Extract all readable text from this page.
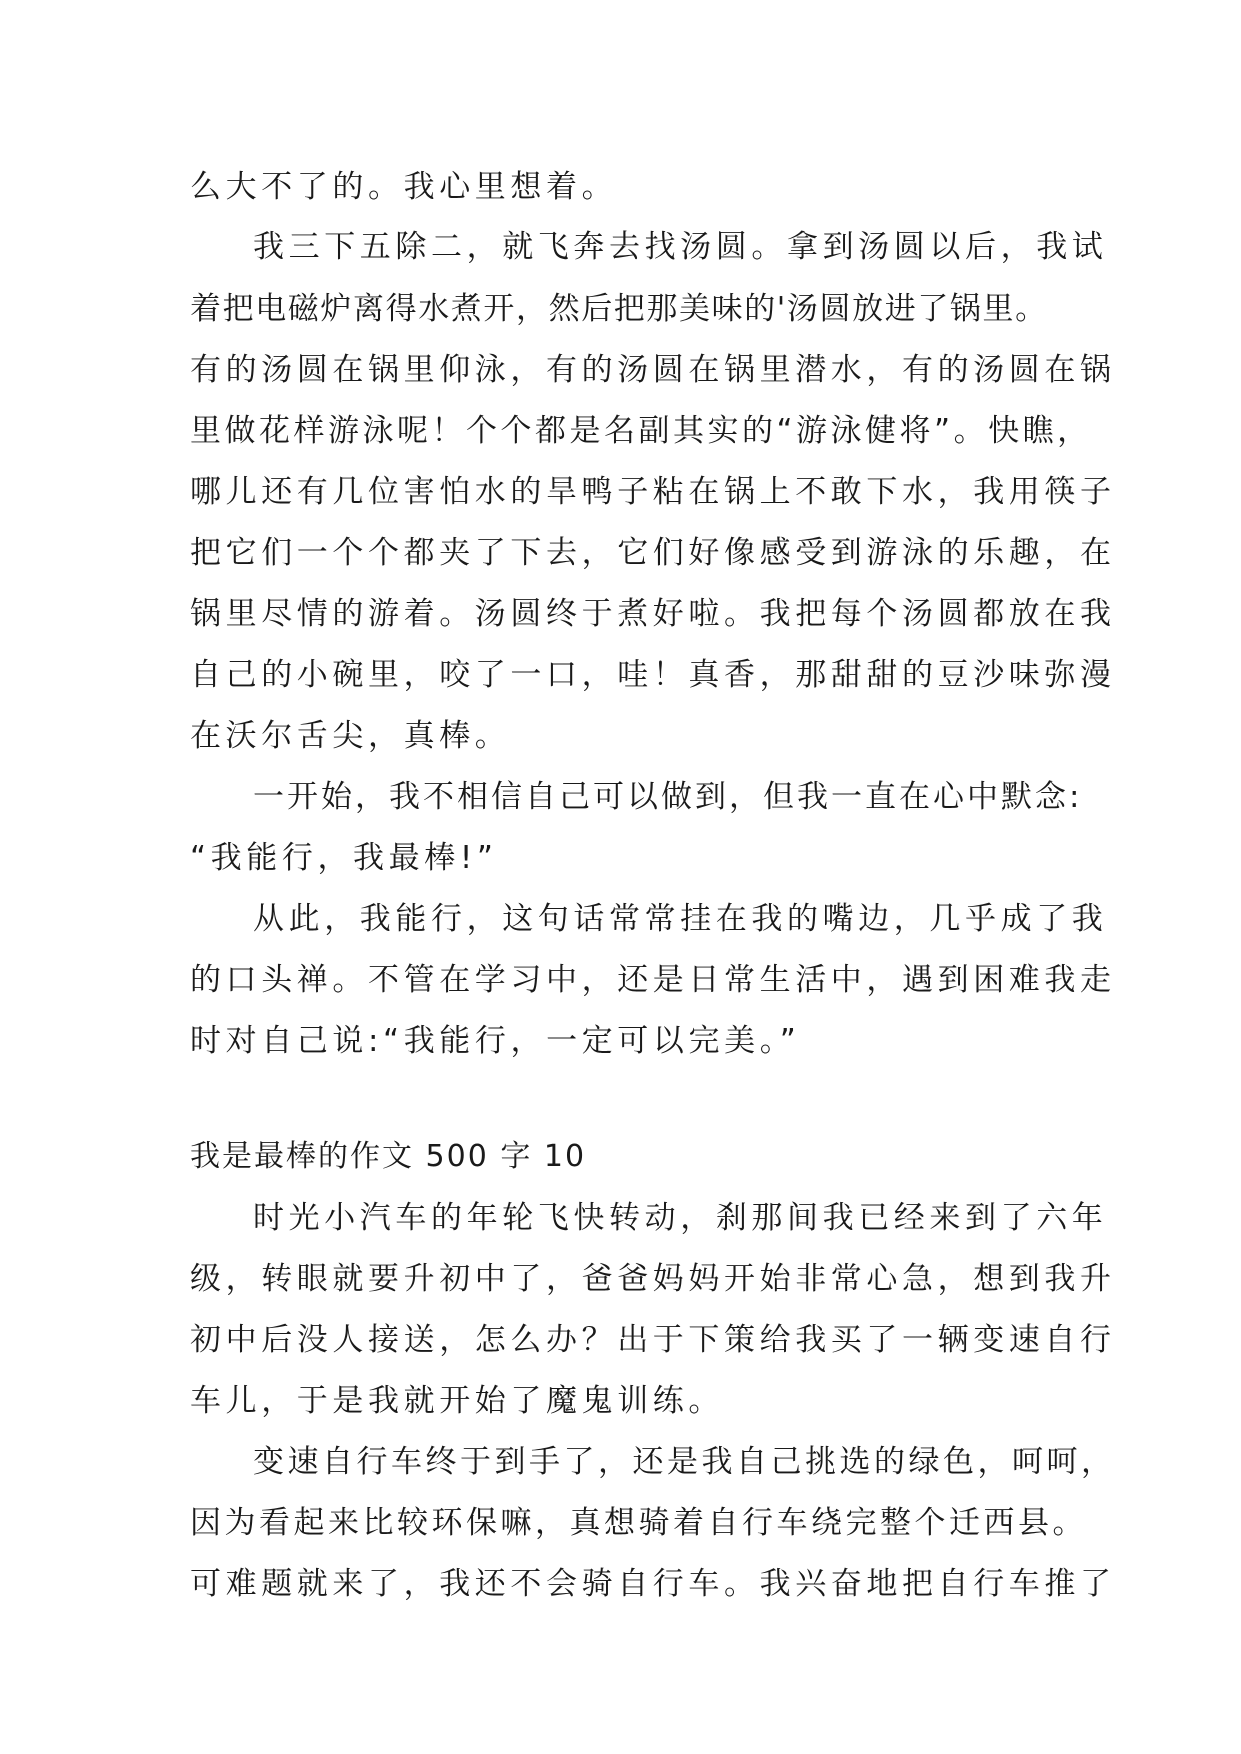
么大不了的。我心里想着。
我三下五除二，就飞奔去找汤圆。拿到汤圆以后，我试
着把电磁炉离得水煮开，然后把那美味的'汤圆放进了锅里。
有的汤圆在锅里仰泳，有的汤圆在锅里潜水，有的汤圆在锅
里做花样游泳呢！个个都是名副其实的“游泳健将”。快瞧，
哪儿还有几位害怕水的旱鸭子粘在锅上不敢下水，我用筷子
把它们一个个都夹了下去，它们好像感受到游泳的乐趣，在
锅里尽情的游着。汤圆终于煮好啦。我把每个汤圆都放在我
自己的小碗里，咬了一口，哇！真香，那甜甜的豆沙味弥漫
在沃尔舌尖，真棒。
一开始，我不相信自己可以做到，但我一直在心中默念:
“我能行，我最棒!”
从此，我能行，这句话常常挂在我的嘴边，几乎成了我
的口头禅。不管在学习中，还是日常生活中，遇到困难我走
时对自己说:“我能行，一定可以完美。”
我是最棒的作文 500 字 10
时光小汽车的年轮飞快转动，刹那间我已经来到了六年
级，转眼就要升初中了，爸爸妈妈开始非常心急，想到我升
初中后没人接送，怎么办？出于下策给我买了一辆变速自行
车儿，于是我就开始了魔鬼训练。
变速自行车终于到手了，还是我自己挑选的绿色，呵呵，
因为看起来比较环保嘛，真想骑着自行车绕完整个迁西县。
可难题就来了，我还不会骑自行车。我兴奋地把自行车推了
